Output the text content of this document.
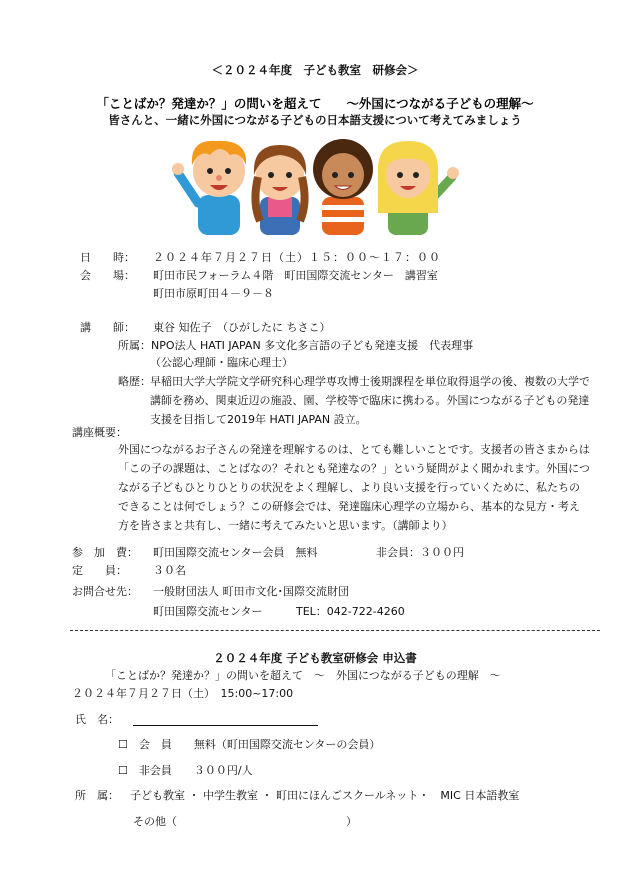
＜２０２４年度　子ども教室　研修会＞
「ことばか？発達か？」の問いを超えて　　～外国につながる子どもの理解～
皆さんと、一緒に外国につながる子どもの日本語支援について考えてみましょう
日　　時： ２０２４年７月２７日（土）１５：００～１７：００
会　　場： 町田市民フォーラム４階　町田国際交流センター　講習室
町田市原町田４－９－８
講　　師： 東谷 知佐子　（ひがしたに ちさこ）
所属：NPO法人 HATI JAPAN 多文化多言語の子ども発達支援　代表理事
（公認心理師・臨床心理士）
略歴： 早稲田大学大学院文学研究科心理学専攻博士後期課程を単位取得退学の後、複数の大学で講師を務め、関東近辺の施設、園、学校等で臨床に携わる。外国につながる子どもの発達支援を目指して2019年 HATI JAPAN 設立。
講座概要：
外国につながるお子さんの発達を理解するのは、とても難しいことです。支援者の皆さまからは「この子の課題は、ことばなの？それとも発達なの？」という疑問がよく聞かれます。外国につながる子どもひとりひとりの状況をよく理解し、より良い支援を行っていくために、私たちのできることは何でしょう？この研修会では、発達臨床心理学の立場から、基本的な見方・考え方を皆さまと共有し、一緒に考えてみたいと思います。（講師より）
参　加　費： 町田国際交流センター会員　無料	非会員：３００円
定　　員： ３０名
お問合せ先： 一般財団法人 町田市文化･国際交流財団
町田国際交流センター	TEL：042-722-4260
２０２４年度 子ども教室研修会 申込書
「ことばか？発達か？」の問いを超えて　～　外国につながる子どもの理解　～
２０２４年７月２７日（土）　15:00~17:00
氏　名：
☐　会　員　　無料（町田国際交流センターの会員）
☐　非会員　　３００円/人
所　属： 子ども教室 ・ 中学生教室 ・ 町田にほんごスクールネット・　MIC 日本語教室
その他（	）
